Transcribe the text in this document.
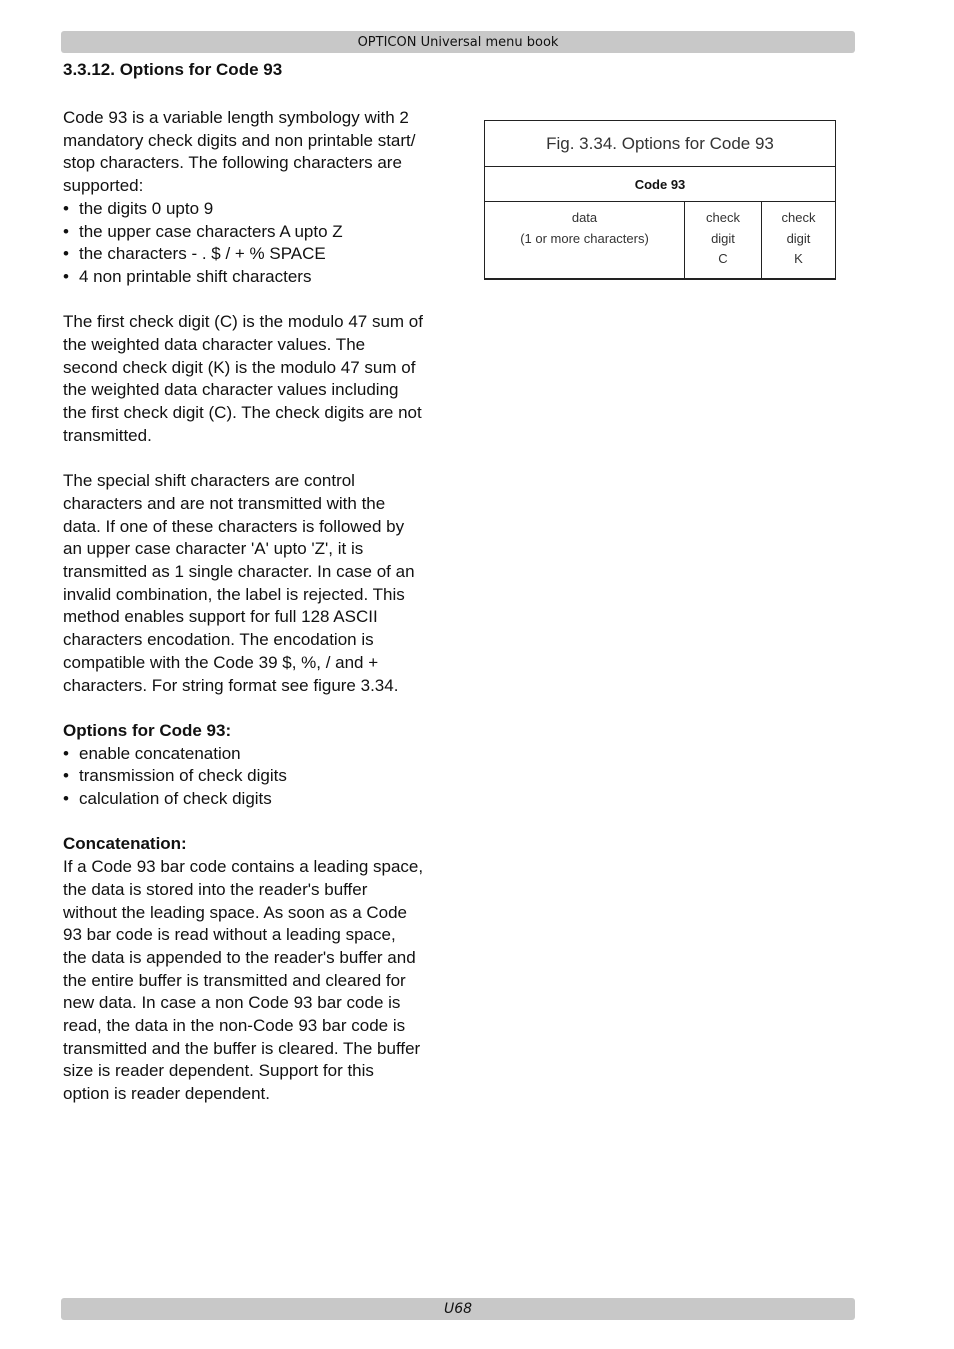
OPTICON Universal menu book
3.3.12. Options for Code 93

Code 93 is a variable length symbology with 2

mandatory check digits and non printable start/

stop characters. The following characters are

supported:

• the digits 0 upto 9
• the upper case characters A upto Z
• the characters - . $ / + % SPACE
• 4 non printable shift characters

The first check digit (C) is the modulo 47 sum of

the weighted data character values. The

second check digit (K) is the modulo 47 sum of

the weighted data character values including

the first check digit (C). The check digits are not

transmitted.

The special shift characters are control

characters and are not transmitted with the

data. If one of these characters is followed by

an upper case character 'A' upto 'Z', it is

transmitted as 1 single character. In case of an

invalid combination, the label is rejected. This

method enables support for full 128 ASCII

characters encodation. The encodation is

compatible with the Code 39 $, %, / and +

characters. For string format see figure 3.34.

Options for Code 93:

• enable concatenation
• transmission of check digits
• calculation of check digits

Concatenation:

If a Code 93 bar code contains a leading space,

the data is stored into the reader's buffer

without the leading space. As soon as a Code

93 bar code is read without a leading space,

the data is appended to the reader's buffer and

the entire buffer is transmitted and cleared for

new data. In case a non Code 93 bar code is

read, the data in the non-Code 93 bar code is

transmitted and the buffer is cleared. The buffer

size is reader dependent. Support for this

option is reader dependent.

Fig. 3.34. Options for Code 93
Code 93
data
(1 or more characters)
check
digit
C
check
digit
K
U68
